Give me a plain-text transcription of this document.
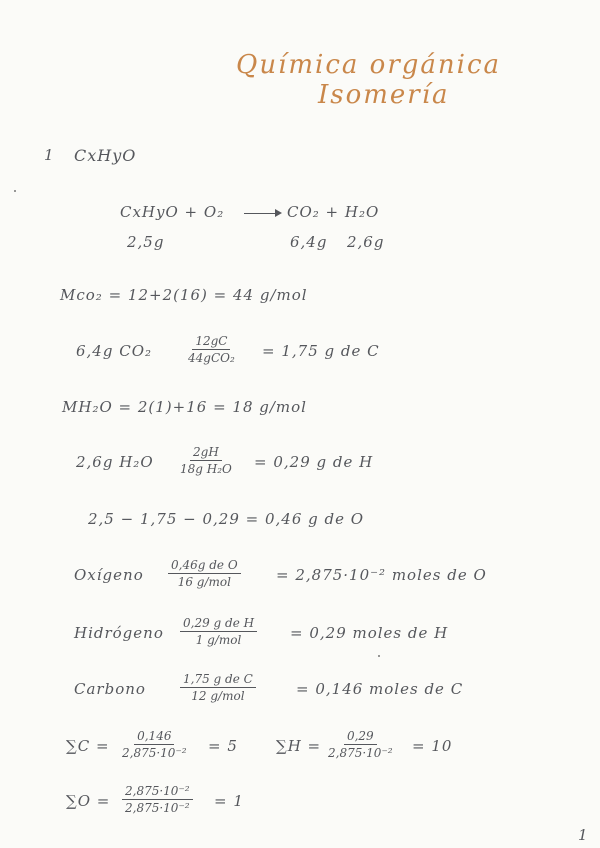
Química orgánica
Isomería
1 CxHyO
CxHyO + O₂ → CO₂ + H₂O
2,5g	6,4g 2,6g
Mco₂ = 12+2(16) = 44 g/mol
6,4g CO₂
12gC
44gCO₂ = 1,75 g de C
MH₂O = 2(1)+16 = 18 g/mol
2,6g $H_2O \frac{2gH}{\text{18g H₂O}} = 0,29$ g de H
2,5 − 1,75 − 0,29 = 0,46 g de O
Oxígeno
0,46g de O
16 g/mol	= 2,875·10⁻² moles de O
Hidrógeno
0,29 g de H
1 g/mol	= 0,29 moles de H
Carbono
1,75 g de C
12 g/mol	= 0,146 moles de C
$\sum C = \frac{0,146}{\text{2,875·10⁻²}} = 5$	$\sum H = \frac{0,29}{\text{2,875·10⁻²}} = 10$
$\sum O = \frac{\text{2,875·10⁻²}}{\text{2,875·10⁻²}} = 1$
1
